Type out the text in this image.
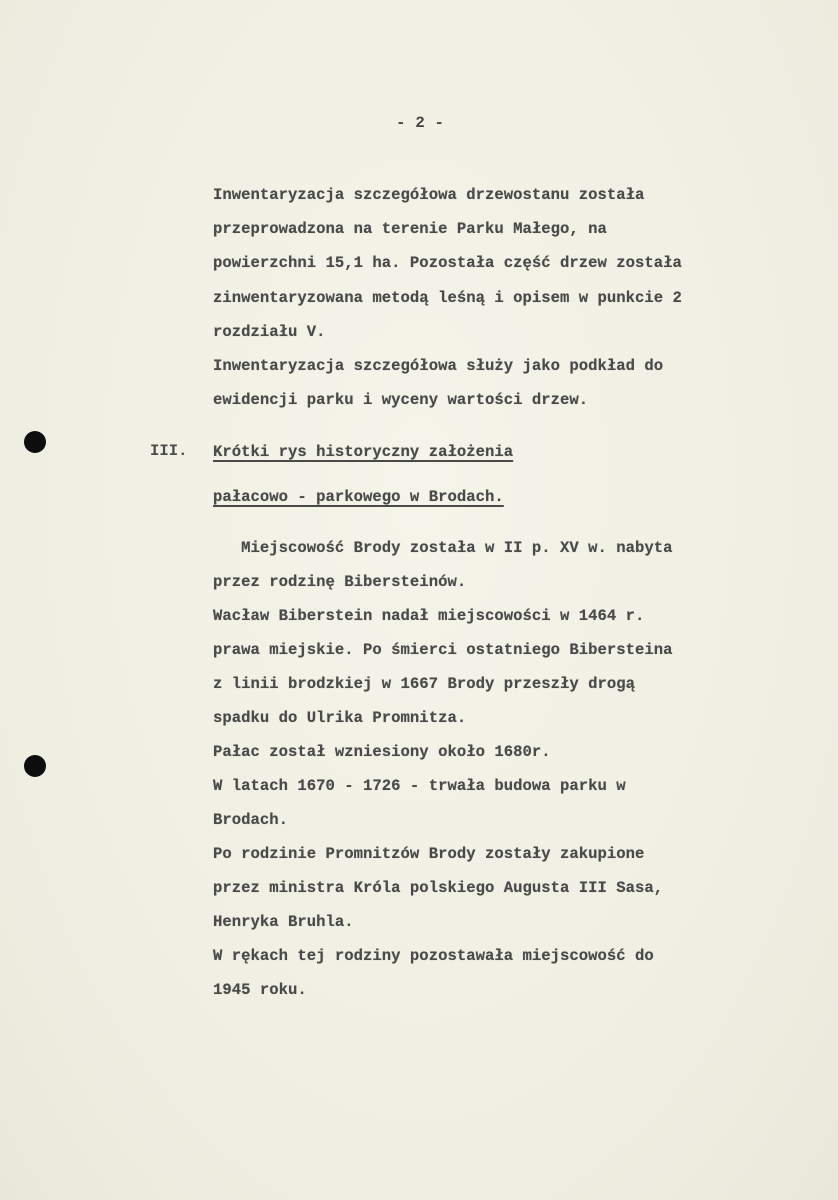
- 2 -
Inwentaryzacja szczegółowa drzewostanu została
przeprowadzona na terenie Parku Małego, na
powierzchni 15,1 ha. Pozostała część drzew została
zinwentaryzowana metodą leśną i opisem w punkcie 2
rozdziału V.
Inwentaryzacja szczegółowa służy jako podkład do
ewidencji parku i wyceny wartości drzew.
III. Krótki rys historyczny założenia
pałacowo - parkowego w Brodach.
Miejscowość Brody została w II p. XV w. nabyta
przez rodzinę Bibersteinów.
Wacław Biberstein nadał miejscowości w 1464 r.
prawa miejskie. Po śmierci ostatniego Bibersteina
z linii brodzkiej w 1667 Brody przeszły drogą
spadku do Ulrika Promnitza.
Pałac został wzniesiony około 1680r.
W latach 1670 - 1726 - trwała budowa parku w
Brodach.
Po rodzinie Promnitzów Brody zostały zakupione
przez ministra Króla polskiego Augusta III Sasa,
Henryka Bruhla.
W rękach tej rodziny pozostawała miejscowość do
1945 roku.
